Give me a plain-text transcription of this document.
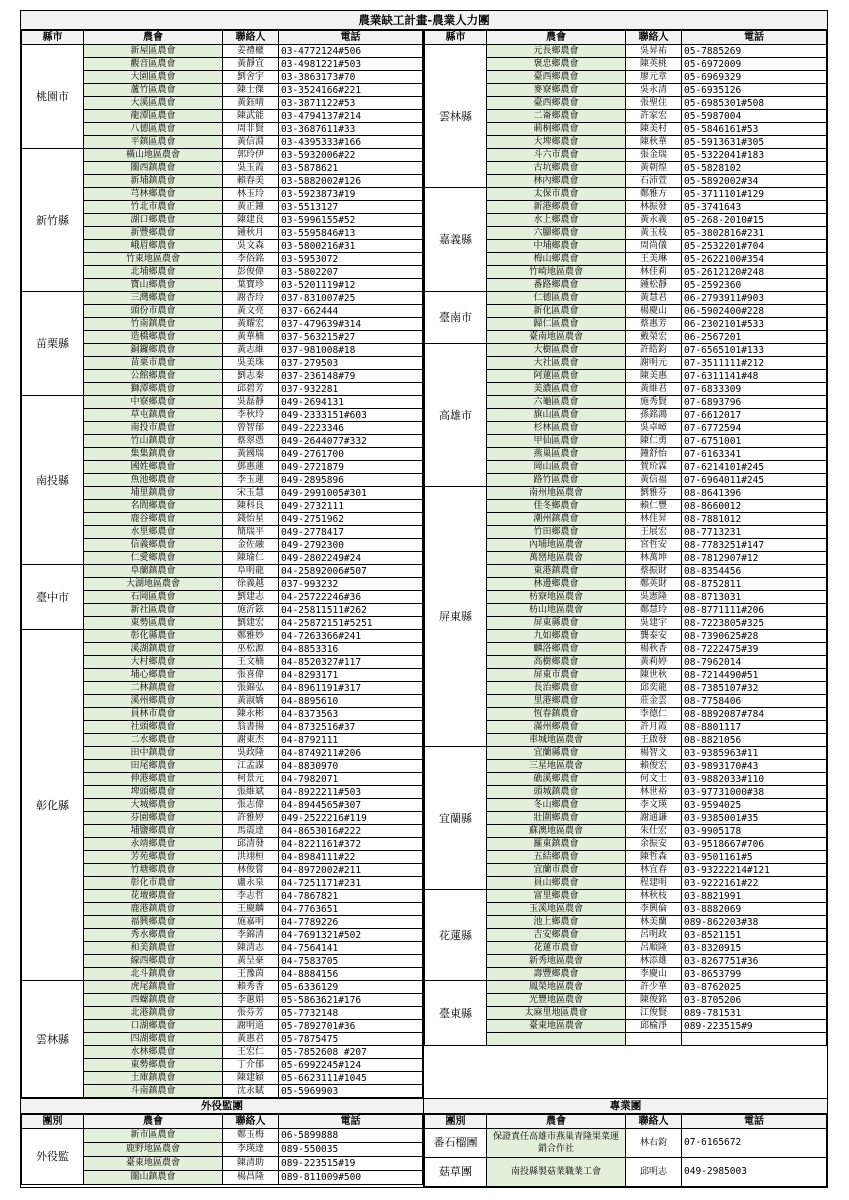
農業缺工計畫-農業人力團
縣市	農會	聯絡人	電話
桃園市	新屋區農會	姜禮權	03-4772124#506
	觀音區農會	黃靜宜	03-4981221#503
	大園區農會	劉舍宇	03-3863173#70
	蘆竹區農會	陳士傑	03-3524166#221
	大溪區農會	黃鈺晴	03-3871122#53
	龍潭區農會	陳武能	03-4794137#214
	八德區農會	周非賢	03-3687611#33
	平鎮區農會	黃信淵	03-4395333#166
新竹縣	橫山地區農會	郭玲伊	03-5932006#22
	關西鎮農會	吳玉霞	03-5878621
	新埔鎮農會	賴春美	03-5882002#126
	芎林鄉農會	林玉玲	03-5923873#19
	竹北市農會	黃正鐘	03-5513127
	湖口鄉農會	陳建良	03-5996155#52
	新豐鄉農會	鍾秋月	03-5595846#13
	峨眉鄉農會	吳文森	03-5800216#31
	竹東地區農會	李俗銘	03-5953072
	北埔鄉農會	彭俊偉	03-5802207
	寶山鄉農會	葉寶珍	03-5201119#12
苗栗縣	三灣鄉農會	謝杏玲	037-831007#25
	頭份市農會	黃文亮	037-662444
	竹南鎮農會	黃耀宏	037-479639#314
	造橋鄉農會	黃華楠	037-563215#27
	銅鑼鄉農會	黃志維	037-981008#18
	苗栗市農會	吳美珠	037-279503
	公館鄉農會	劉志秦	037-236148#79
	獅潭鄉農會	邱碧芳	037-932281
南投縣	中寮鄉農會	吳磊靜	049-2694131
	草屯鎮農會	李秋玲	049-2333151#603
	南投市農會	曾智郁	049-2223346
	竹山鎮農會	蔡翠憑	049-2644077#332
	集集鎮農會	黃國瑞	049-2761700
	國姓鄉農會	鄧惠蓮	049-2721879
	魚池鄉農會	李玉蓮	049-2895896
	埔里鎮農會	宋玉慧	049-2991005#301
	名間鄉農會	陳科良	049-2732111
	鹿谷鄉農會	錢怡星	049-2751962
	水里鄉農會	簡瑞平	049-2778417
	信義鄉農會	金佐融	049-2792300
	仁愛鄉農會	陳瑜仁	049-2802249#24
臺中市	阜蘭鎮農會	阜明龍	04-25892006#507
	大湖地區農會	徐義越	037-993232
	石岡區農會	劉建志	04-25722246#36
	新社區農會	施沂鉉	04-25811511#262
	東勢區農會	劉建宏	04-25872151#5251
彰化縣	彰化縣農會	鄭雅妙	04-7263366#241
	溪湖鎮農會	巫松源	04-8853316
	大村鄉農會	王文楠	04-8520327#117
	埔心鄉農會	張喜偉	04-8293171
	二林鎮農會	張錦弘	04-8961191#317
	溪州鄉農會	黃淑嬌	04-8895610
	員林市農會	陳永彬	04-8373563
	社頭鄉農會	翁書揚	04-8732516#37
	二水鄉農會	謝東杰	04-8792111
	田中鎮農會	吳政隆	04-8749211#206
	田尾鄉農會	江孟謀	04-8830970
	伸港鄉農會	柯景元	04-7982071
	埤頭鄉農會	張維斌	04-8922211#503
	大城鄉農會	張志偉	04-8944565#307
	芬園鄉農會	許雅婷	049-2522216#119
	埔鹽鄉農會	馬震達	04-8653016#222
	永靖鄉農會	邱清發	04-8221161#372
	芳苑鄉農會	洪翊桓	04-8984111#22
	竹塘鄉農會	林俊嘗	04-8972002#211
	彰化市農會	盧永泉	04-7251171#231
	花壇鄉農會	李志哲	04-7867821
	鹿港鎮農會	王慶麟	04-7763651
	福興鄉農會	施嘉明	04-7789226
	秀水鄉農會	李錦清	04-7691321#502
	和美鎮農會	陳清志	04-7564141
	線西鄉農會	黃呈豪	04-7583705
	北斗鎮農會	王豫茵	04-8884156
雲林縣	虎尾鎮農會	賴秀香	05-6336129
	西螺鎮農會	李蕙娟	05-5863621#176
	北港鎮農會	張芬芳	05-7732148
	口湖鄉農會	謝明道	05-7892701#36
	四湖鄉農會	黃惠君	05-7875475
	水林鄉農會	王宏仁	05-7852608 #207
	東勢鄉農會	丁介郁	05-6992245#124
	土庫鎮農會	陳建穎	05-6623111#1045
	斗南鎮農會	沈永賦	05-5969903
縣市	農會	聯絡人	電話
雲林縣	元長鄉農會	吳昇祐	05-7885269
	褒忠鄉農會	陳英桃	05-6972009
	臺西鄉農會	廖元章	05-6969329
	麥寮鄉農會	吳永清	05-6935126
	臺西鄉農會	張聖住	05-6985301#508
	二崙鄉農會	許家宏	05-5987004
	莿桐鄉農會	陳美村	05-5846161#53
	大埤鄉農會	陳秋華	05-5913631#305
	斗六市農會	張金瑞	05-5322041#183
	古坑鄉農會	黃朝煌	05-5828102
	林內鄉農會	石沛萱	05-5892002#34
嘉義縣	太保市農會	鄭雅方	05-3711101#129
	新港鄉農會	林振發	05-3741643
	水上鄉農會	黃永義	05-268-2010#15
	六腳鄉農會	黃玉枝	05-3802816#231
	中埔鄉農會	周尚儀	05-2532201#704
	梅山鄉農會	王美琳	05-2622100#354
	竹崎地區農會	林佳莉	05-2612120#248
	番路鄉農會	鍾松靜	05-2592360
臺南市	仁德區農會	黃慧君	06-2793911#903
	新化區農會	楊慶山	06-5902400#228
	歸仁區農會	蔡惠芳	06-2302101#533
	臺南地區農會	戴榮宏	06-2567201
高雄市	大樹區農會	許皓鈞	07-6565101#133
	大社區農會	謝明元	07-3511111#212
	阿蓮區農會	陳美惠	07-6311141#48
	美濃區農會	黃維君	07-6833309
	六龜區農會	施秀賢	07-6893796
	旗山區農會	孫銘鴻	07-6612017
	杉林區農會	吳卓嶂	07-6772594
	甲仙區農會	陳仁勇	07-6751001
	燕巢區農會	鐘舒怡	07-6163341
	岡山區農會	賀玠霖	07-6214101#245
	路竹區農會	黃信福	07-6964011#245
屏東縣	南州地區農會	劉雅芬	08-8641396
	佳冬鄉農會	賴仁豐	08-8660012
	潮州鎮農會	林佳昇	08-7881012
	竹田鄉農會	王展宏	08-7713231
	內埔地區農會	宮哲安	08-7783251#147
	萬巒地區農會	林萬坤	08-7812907#12
	東港鎮農會	蔡振財	08-8354456
	林邊鄉農會	鄭英財	08-8752811
	枋寮地區農會	吳憲隆	08-8713031
	枋山地區農會	鄭慧玲	08-8771111#206
	屏東縣農會	吳建宇	08-7223805#325
	九如鄉農會	龔泰安	08-7390625#28
	麟洛鄉農會	楊秋香	08-7222475#39
	高樹鄉農會	黃莉婷	08-7962014
	屏東市農會	陳世秋	08-7214490#51
	長治鄉農會	邱奕龍	08-7385107#32
	里港鄉農會	莊金雲	08-7758406
	恆春鎮農會	李德仁	08-8892087#784
	滿州鄉農會	許月霞	08-8801117
	車城地區農會	王啟發	08-8821056
宜蘭縣	宜蘭縣農會	楊智文	03-9385963#11
	三星地區農會	賴俊宏	03-9893170#43
	礁溪鄉農會	何文土	03-9882033#110
	頭城鎮農會	林世裕	03-97731000#38
	冬山鄉農會	李文瑛	03-9594025
	壯圍鄉農會	謝通謙	03-9385001#35
	蘇澳地區農會	朱仕宏	03-9905178
	羅東鎮農會	余振安	03-9518667#706
	五結鄉農會	陳哲森	03-9501161#5
	宜蘭市農會	林宜春	03-93222214#121
	員山鄉農會	程建明	03-9222161#22
花蓮縣	富里鄉農會	林秋枝	03-8821991
	玉溪地區農會	李興倫	03-8882069
	池上鄉農會	林美蘭	089-862203#38
	吉安鄉農會	呂明政	03-8521151
	花蓮市農會	呂順隆	03-8320915
	新秀地區農會	林添雄	03-8267751#36
	壽豐鄉農會	李慶山	03-8653799
臺東縣	鳳榮地區農會	許少華	03-8762025
	光豐地區農會	陳俊銘	03-8705206
	太麻里地區農會	江俊賢	089-781531
	臺東地區農會	邱榆淨	089-223515#9

外役監團
團別	農會	聯絡人	電話
外役監	新市區農會	鄭玉梅	06-5899888
	鹿野地區農會	李瑛達	089-550035
	臺東地區農會	陳清助	089-223515#19
	關山鎮農會	楊昌隆	089-811009#500
專業團
團別	農會	聯絡人	電話
番石榴團	保證責任高雄市燕巢青隆果菜運銷合作社	林右鈞	07-6165672
菇草團	南投縣製菇業職業工會	邱明志	049-2985003
